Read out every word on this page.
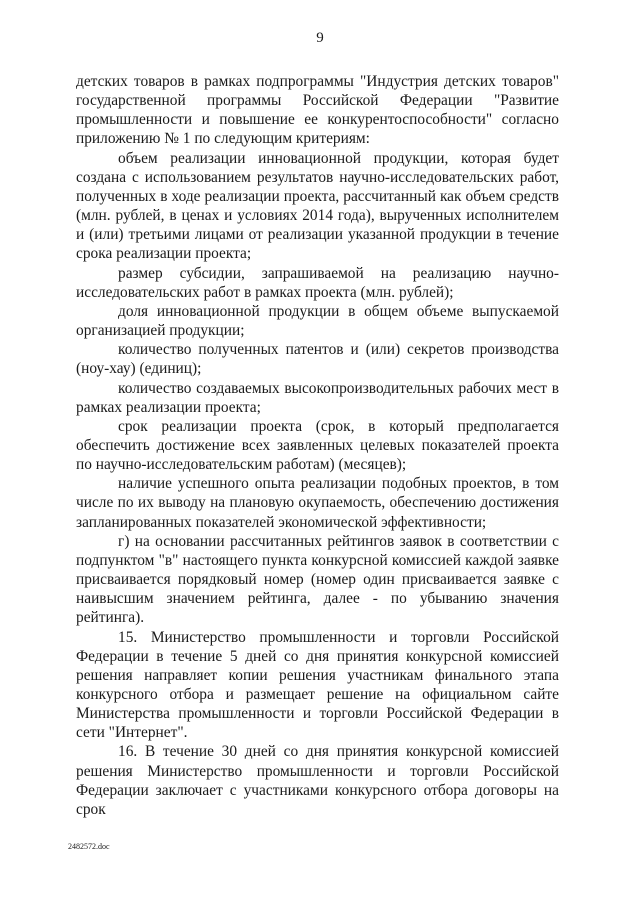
9

детских товаров в рамках подпрограммы "Индустрия детских товаров" государственной программы Российской Федерации "Развитие промышленности и повышение ее конкурентоспособности" согласно приложению № 1 по следующим критериям:

объем реализации инновационной продукции, которая будет создана с использованием результатов научно-исследовательских работ, полученных в ходе реализации проекта, рассчитанный как объем средств (млн. рублей, в ценах и условиях 2014 года), вырученных исполнителем и (или) третьими лицами от реализации указанной продукции в течение срока реализации проекта;

размер субсидии, запрашиваемой на реализацию научно-исследовательских работ в рамках проекта (млн. рублей);

доля инновационной продукции в общем объеме выпускаемой организацией продукции;

количество полученных патентов и (или) секретов производства (ноу-хау) (единиц);

количество создаваемых высокопроизводительных рабочих мест в рамках реализации проекта;

срок реализации проекта (срок, в который предполагается обеспечить достижение всех заявленных целевых показателей проекта по научно-исследовательским работам) (месяцев);

наличие успешного опыта реализации подобных проектов, в том числе по их выводу на плановую окупаемость, обеспечению достижения запланированных показателей экономической эффективности;

г) на основании рассчитанных рейтингов заявок в соответствии с подпунктом "в" настоящего пункта конкурсной комиссией каждой заявке присваивается порядковый номер (номер один присваивается заявке с наивысшим значением рейтинга, далее - по убыванию значения рейтинга).

15. Министерство промышленности и торговли Российской Федерации в течение 5 дней со дня принятия конкурсной комиссией решения направляет копии решения участникам финального этапа конкурсного отбора и размещает решение на официальном сайте Министерства промышленности и торговли Российской Федерации в сети "Интернет".

16. В течение 30 дней со дня принятия конкурсной комиссией решения Министерство промышленности и торговли Российской Федерации заключает с участниками конкурсного отбора договоры на срок

2482572.doc
